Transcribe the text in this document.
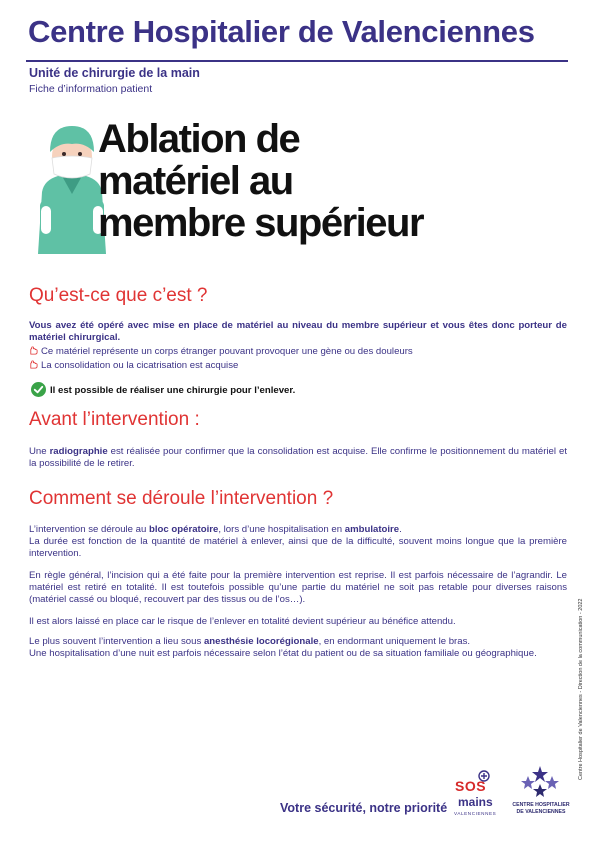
Centre Hospitalier de Valenciennes
Unité de chirurgie de la main
Fiche d’information patient
Ablation de
matériel au
membre supérieur
Qu’est-ce que c’est ?
Vous avez été opéré avec mise en place de matériel au niveau du membre supérieur et vous êtes donc porteur de matériel chirurgical.
Ce matériel représente un corps étranger pouvant provoquer une gène ou des douleurs
La consolidation ou la cicatrisation est acquise
Il est possible de réaliser une chirurgie pour l’enlever.
Avant l’intervention :
Une radiographie est réalisée pour confirmer que la consolidation est acquise. Elle confirme le positionnement du matériel et la possibilité de le retirer.
Comment se déroule l’intervention ?
L’intervention se déroule au bloc opératoire, lors d’une hospitalisation en ambulatoire.
La durée est fonction de la quantité de matériel à enlever, ainsi que de la difficulté, souvent moins longue que la première intervention.
En règle général, l’incision qui a été faite pour la première intervention est reprise. Il est parfois nécessaire de l’agrandir. Le matériel est retiré en totalité. Il est toutefois possible qu’une partie du matériel ne soit pas retable pour diverses raisons (matériel cassé ou bloqué, recouvert par des tissus ou de l’os…).
Il est alors laissé en place car le risque de l’enlever en totalité devient supérieur au bénéfice attendu.
Le plus souvent l’intervention a lieu sous anesthésie locorégionale, en endormant uniquement le bras.
Une hospitalisation d’une nuit est parfois nécessaire selon l’état du patient ou de sa situation familiale ou géographique.	Centre Hospitalier de Valenciennes - Direction de la communication - 2022
Votre sécurité, notre priorité
SOS
mains
VALENCIENNES
CENTRE HOSPITALIER
DE VALENCIENNES
